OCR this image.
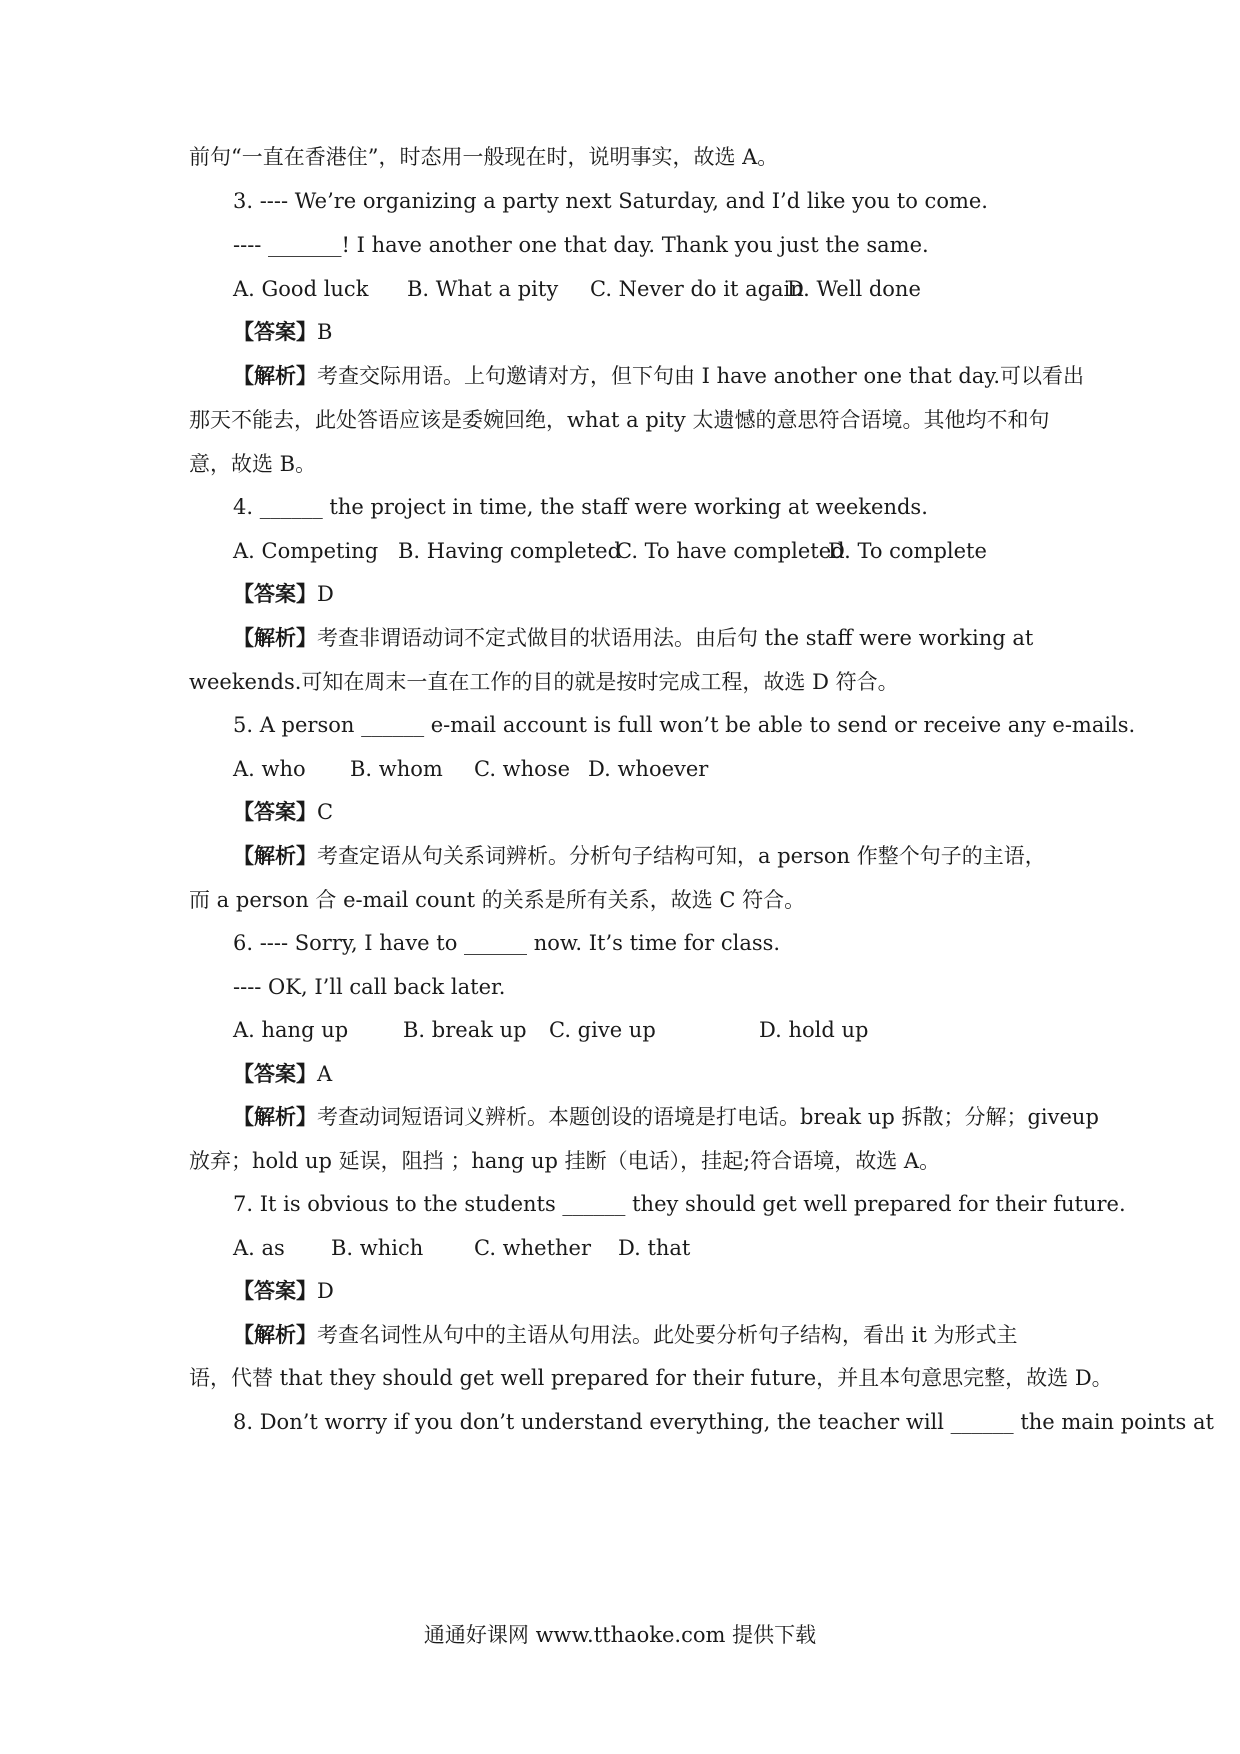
前句“一直在香港住”，时态用一般现在时，说明事实，故选 A。
3. ---- We’re organizing a party next Saturday, and I’d like you to come.
---- _______! I have another one that day. Thank you just the same.
A. Good luck B. What a pity C. Never do it againD. Well done
【答案】B
【解析】考查交际用语。上句邀请对方，但下句由 I have another one that day.可以看出
那天不能去，此处答语应该是委婉回绝，what a pity 太遗憾的意思符合语境。其他均不和句
意，故选 B。
4. ______ the project in time, the staff were working at weekends.
A. Competing B. Having completedC. To have completedD. To complete
【答案】D
【解析】考查非谓语动词不定式做目的状语用法。由后句 the staff were working at
weekends.可知在周末一直在工作的目的就是按时完成工程，故选 D 符合。
5. A person ______ e-mail account is full won’t be able to send or receive any e-mails.
A. who B. whom C. whose D. whoever
【答案】C
【解析】考查定语从句关系词辨析。分析句子结构可知，a person 作整个句子的主语，
而 a person 合 e-mail count 的关系是所有关系，故选 C 符合。
6. ---- Sorry, I have to ______ now. It’s time for class.
---- OK, I’ll call back later.
A. hang up	B. break up C. give up	D. hold up
【答案】A
【解析】考查动词短语词义辨析。本题创设的语境是打电话。break up 拆散；分解；giveup
放弃；hold up 延误，阻挡 ；hang up 挂断（电话），挂起;符合语境，故选 A。
7. It is obvious to the students ______ they should get well prepared for their future.
A. as B. which C. whether D. that
【答案】D
【解析】考查名词性从句中的主语从句用法。此处要分析句子结构，看出 it 为形式主
语，代替 that they should get well prepared for their future，并且本句意思完整，故选 D。
8. Don’t worry if you don’t understand everything, the teacher will ______ the main points at
通通好课网 www.tthaoke.com 提供下载
